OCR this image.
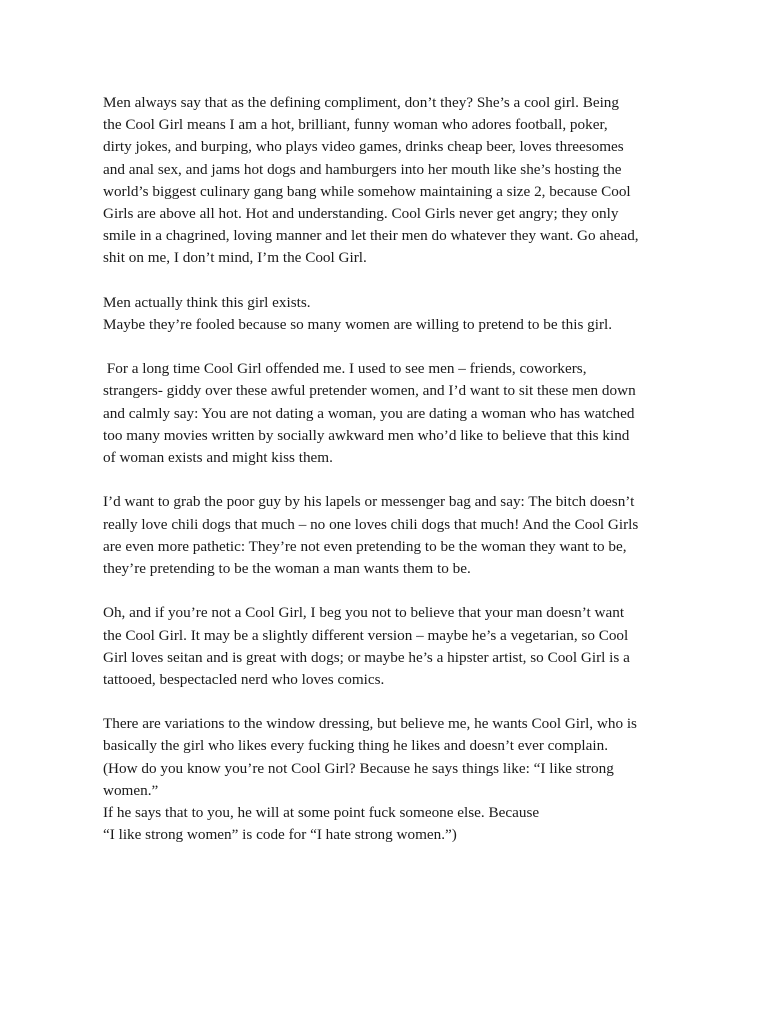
Men always say that as the defining compliment, don’t they? She’s a cool girl. Being
the Cool Girl means I am a hot, brilliant, funny woman who adores football, poker,
dirty jokes, and burping, who plays video games, drinks cheap beer, loves threesomes
and anal sex, and jams hot dogs and hamburgers into her mouth like she’s hosting the
world’s biggest culinary gang bang while somehow maintaining a size 2, because Cool
Girls are above all hot. Hot and understanding. Cool Girls never get angry; they only
smile in a chagrined, loving manner and let their men do whatever they want. Go ahead,
shit on me, I don’t mind, I’m the Cool Girl.
Men actually think this girl exists.
Maybe they’re fooled because so many women are willing to pretend to be this girl.
For a long time Cool Girl offended me. I used to see men – friends, coworkers,
strangers- giddy over these awful pretender women, and I’d want to sit these men down
and calmly say: You are not dating a woman, you are dating a woman who has watched
too many movies written by socially awkward men who’d like to believe that this kind
of woman exists and might kiss them.
I’d want to grab the poor guy by his lapels or messenger bag and say: The bitch doesn’t
really love chili dogs that much – no one loves chili dogs that much! And the Cool Girls
are even more pathetic: They’re not even pretending to be the woman they want to be,
they’re pretending to be the woman a man wants them to be.
Oh, and if you’re not a Cool Girl, I beg you not to believe that your man doesn’t want
the Cool Girl. It may be a slightly different version – maybe he’s a vegetarian, so Cool
Girl loves seitan and is great with dogs; or maybe he’s a hipster artist, so Cool Girl is a
tattooed, bespectacled nerd who loves comics.
There are variations to the window dressing, but believe me, he wants Cool Girl, who is
basically the girl who likes every fucking thing he likes and doesn’t ever complain.
(How do you know you’re not Cool Girl? Because he says things like: “I like strong
women.”
If he says that to you, he will at some point fuck someone else. Because
“I like strong women” is code for “I hate strong women.”)
